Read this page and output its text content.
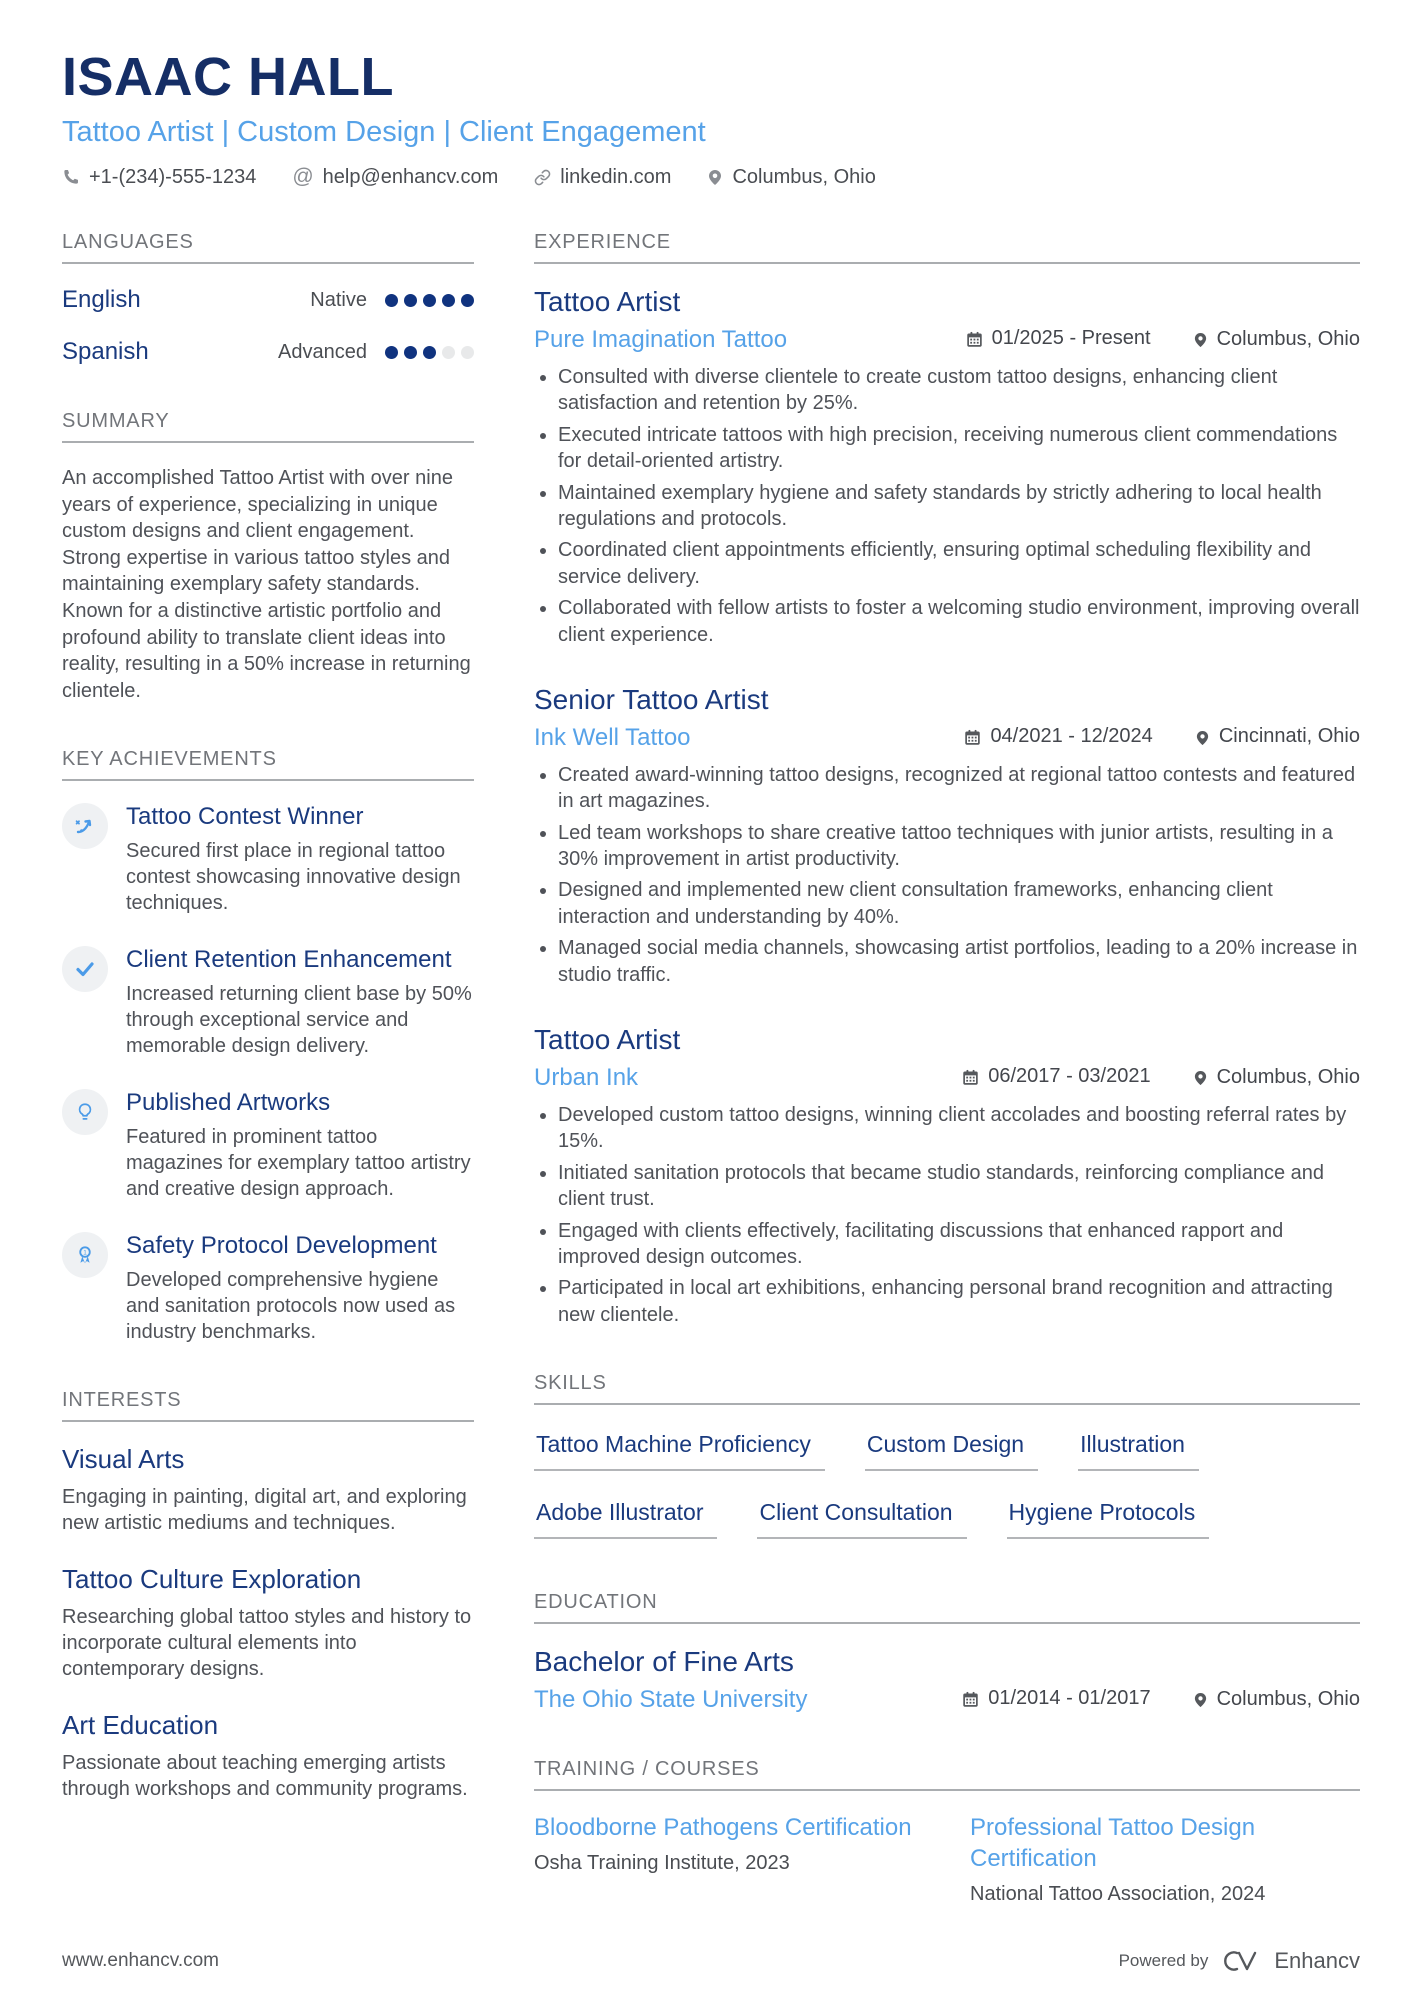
ISAAC HALL
Tattoo Artist | Custom Design | Client Engagement
+1-(234)-555-1234 @ help@enhancv.com	linkedin.com	Columbus, Ohio
LANGUAGES
English	Native
Spanish	Advanced
SUMMARY

An accomplished Tattoo Artist with over nine years of experience, specializing in unique custom designs and client engagement. Strong expertise in various tattoo styles and maintaining exemplary safety standards. Known for a distinctive artistic portfolio and profound ability to translate client ideas into reality, resulting in a 50% increase in returning clientele.

KEY ACHIEVEMENTS
Tattoo Contest Winner
Secured first place in regional tattoo contest showcasing innovative design techniques.
Client Retention Enhancement
Increased returning client base by 50% through exceptional service and memorable design delivery.
Published Artworks
Featured in prominent tattoo magazines for exemplary tattoo artistry and creative design approach.
1 Safety Protocol Development
Developed comprehensive hygiene and sanitation protocols now used as industry benchmarks.
INTERESTS
Visual Arts
Engaging in painting, digital art, and exploring new artistic mediums and techniques.
Tattoo Culture Exploration
Researching global tattoo styles and history to incorporate cultural elements into contemporary designs.
Art Education
Passionate about teaching emerging artists through workshops and community programs.
EXPERIENCE
Tattoo Artist
Pure Imagination Tattoo	01/2025 - Present	Columbus, Ohio
• Consulted with diverse clientele to create custom tattoo designs, enhancing client satisfaction and retention by 25%.
• Executed intricate tattoos with high precision, receiving numerous client commendations for detail-oriented artistry.
• Maintained exemplary hygiene and safety standards by strictly adhering to local health regulations and protocols.
• Coordinated client appointments efficiently, ensuring optimal scheduling flexibility and service delivery.
• Collaborated with fellow artists to foster a welcoming studio environment, improving overall client experience.
Senior Tattoo Artist
Ink Well Tattoo	04/2021 - 12/2024	Cincinnati, Ohio
• Created award-winning tattoo designs, recognized at regional tattoo contests and featured in art magazines.
• Led team workshops to share creative tattoo techniques with junior artists, resulting in a 30% improvement in artist productivity.
• Designed and implemented new client consultation frameworks, enhancing client interaction and understanding by 40%.
• Managed social media channels, showcasing artist portfolios, leading to a 20% increase in studio traffic.
Tattoo Artist
Urban Ink	06/2017 - 03/2021	Columbus, Ohio
• Developed custom tattoo designs, winning client accolades and boosting referral rates by 15%.
• Initiated sanitation protocols that became studio standards, reinforcing compliance and client trust.
• Engaged with clients effectively, facilitating discussions that enhanced rapport and improved design outcomes.
• Participated in local art exhibitions, enhancing personal brand recognition and attracting new clientele.
SKILLS
Tattoo Machine Proficiency	Custom Design	Illustration
Adobe Illustrator	Client Consultation	Hygiene Protocols
EDUCATION
Bachelor of Fine Arts
The Ohio State University	01/2014 - 01/2017	Columbus, Ohio
TRAINING / COURSES
Bloodborne Pathogens Certification
Osha Training Institute, 2023
Professional Tattoo Design Certification
National Tattoo Association, 2024
www.enhancv.com	Powered by	Enhancv
